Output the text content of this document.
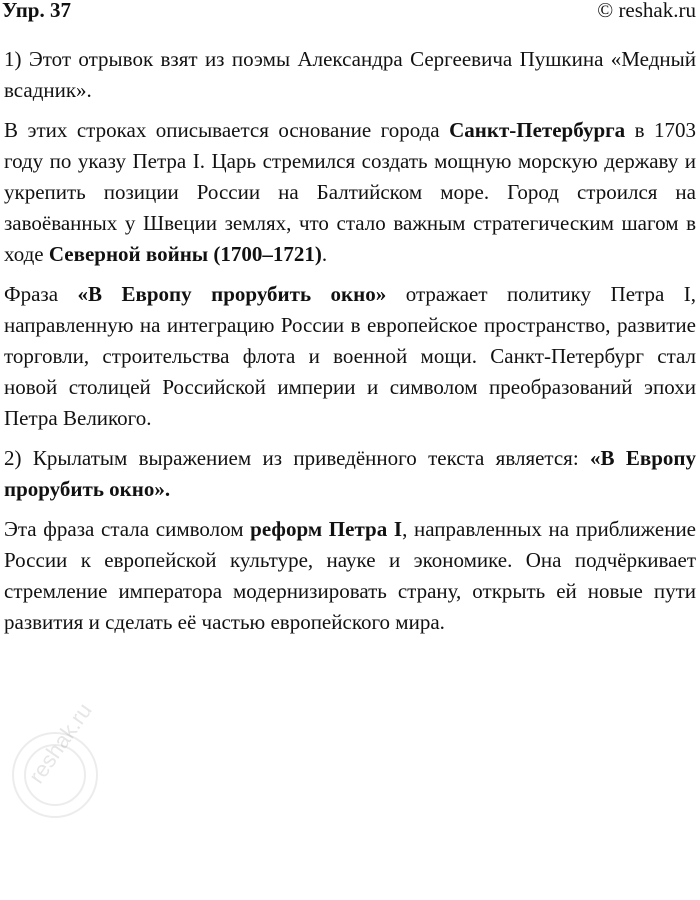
Упр. 37	© reshak.ru

1) Этот отрывок взят из поэмы Александра Сергеевича Пушкина «Медный всадник».

В этих строках описывается основание города Санкт-Петербурга в 1703 году по указу Петра I. Царь стремился создать мощную морскую державу и укрепить позиции России на Балтийском море. Город строился на завоёванных у Швеции землях, что стало важным стратегическим шагом в ходе Северной войны (1700–1721).

Фраза «В Европу прорубить окно» отражает политику Петра I, направленную на интеграцию России в европейское пространство, развитие торговли, строительства флота и военной мощи. Санкт-Петербург стал новой столицей Российской империи и символом преобразований эпохи Петра Великого.

2) Крылатым выражением из приведённого текста является: «В Европу прорубить окно».

Эта фраза стала символом реформ Петра I, направленных на приближение России к европейской культуре, науке и экономике. Она подчёркивает стремление императора модернизировать страну, открыть ей новые пути развития и сделать её частью европейского мира.

reshak.ru
